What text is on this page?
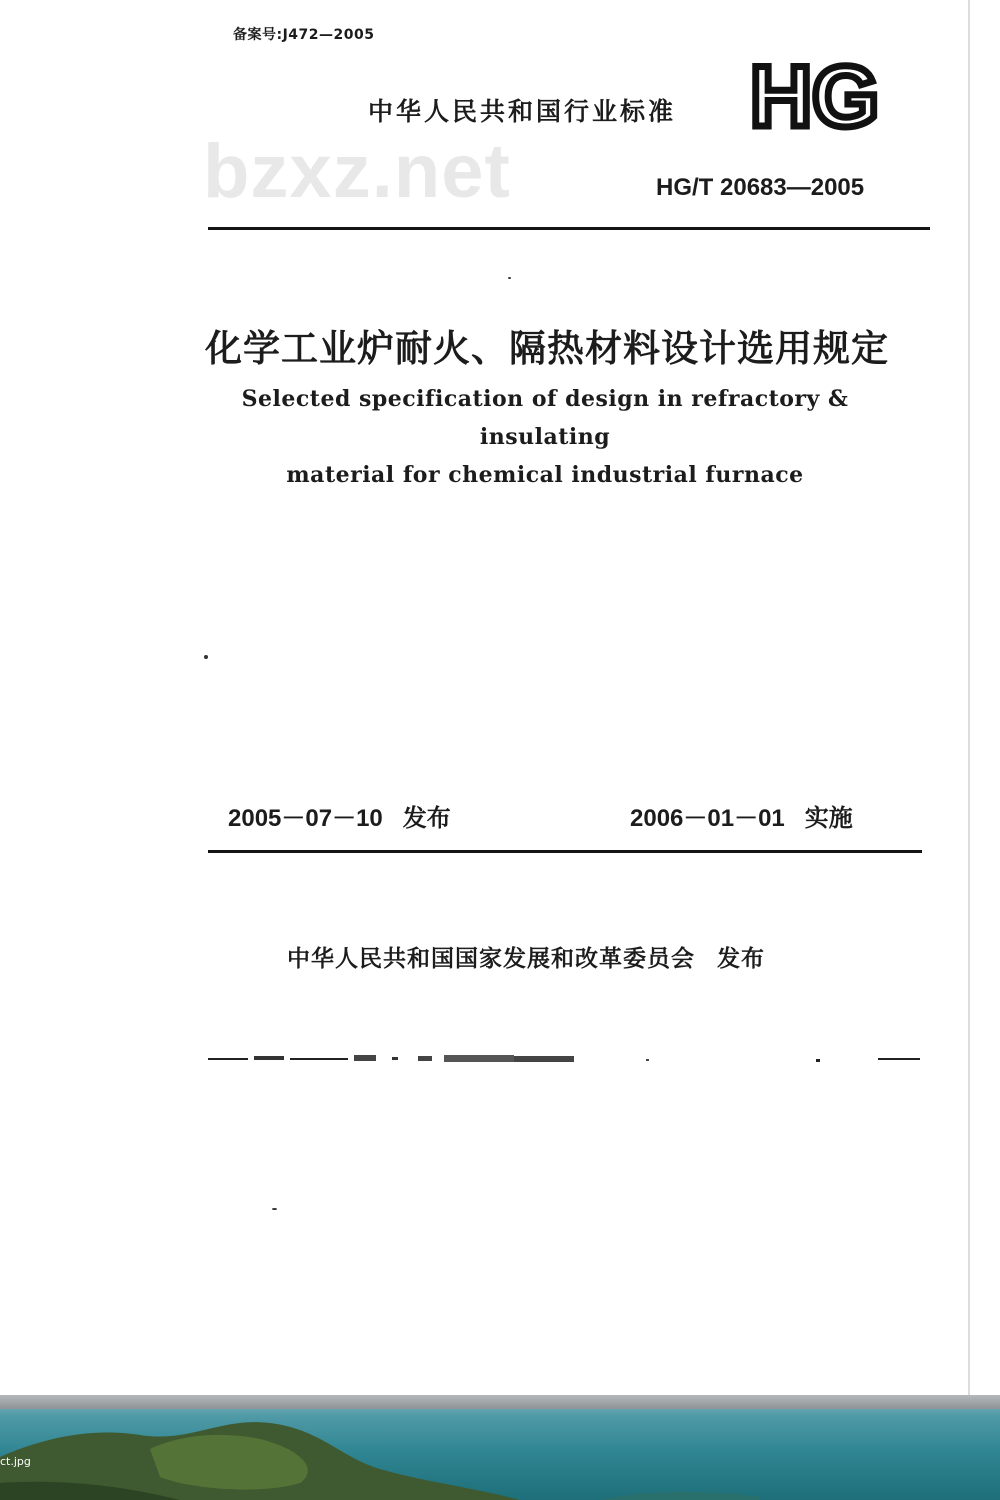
备案号:J472—2005
中华人民共和国行业标准 HG
bzxz.net	HG/T 20683—2005
化学工业炉耐火、隔热材料设计选用规定
Selected specification of design in refractory & insulating
material for chemical industrial furnace
2005－07－10 发布	2006－01－01 实施
中华人民共和国国家发展和改革委员会 发布
ct.jpg
